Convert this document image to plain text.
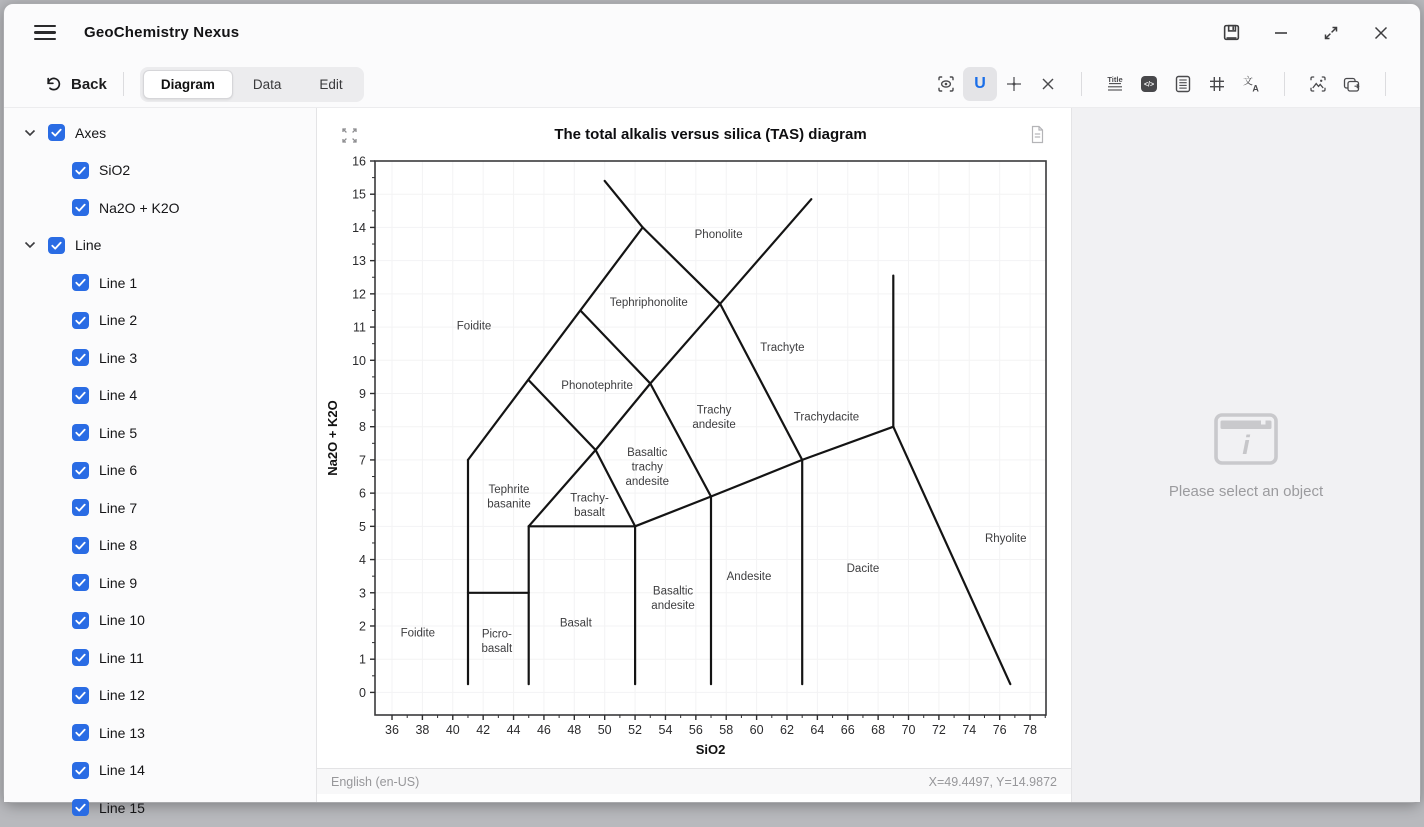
GeoChemistry Nexus
Back	Diagram	Data	Edit	U	Title
</>	文
A
Axes
SiO2
Na2O + K2O
Line
Line 1
Line 2
Line 3
Line 4
Line 5
Line 6
Line 7
Line 8
Line 9
Line 10
Line 11
Line 12
Line 13
Line 14
Line 15
36 38 40 42 44 46 48 50 52 54 56 58 60 62 64 66 68 70 72 74 76 78
0
1
2
3
4
5
6
7
8
9
10
11
12
13
14
15
16
SiO2
Na2O + K2O
The total alkalis versus silica (TAS) diagram
Foidite
Phonolite
Tephriphonolite
Phonotephrite
Trachyte
Trachy andesite
Trachydacite
Basaltic trachy andesite
Trachy-basalt
Tephrite basanite
Foidite	Picro-basalt
Basalt
Basaltic andesite
Andesite
Dacite
Rhyolite
English (en-US)	X=49.4497, Y=14.9872
i
Please select an object
